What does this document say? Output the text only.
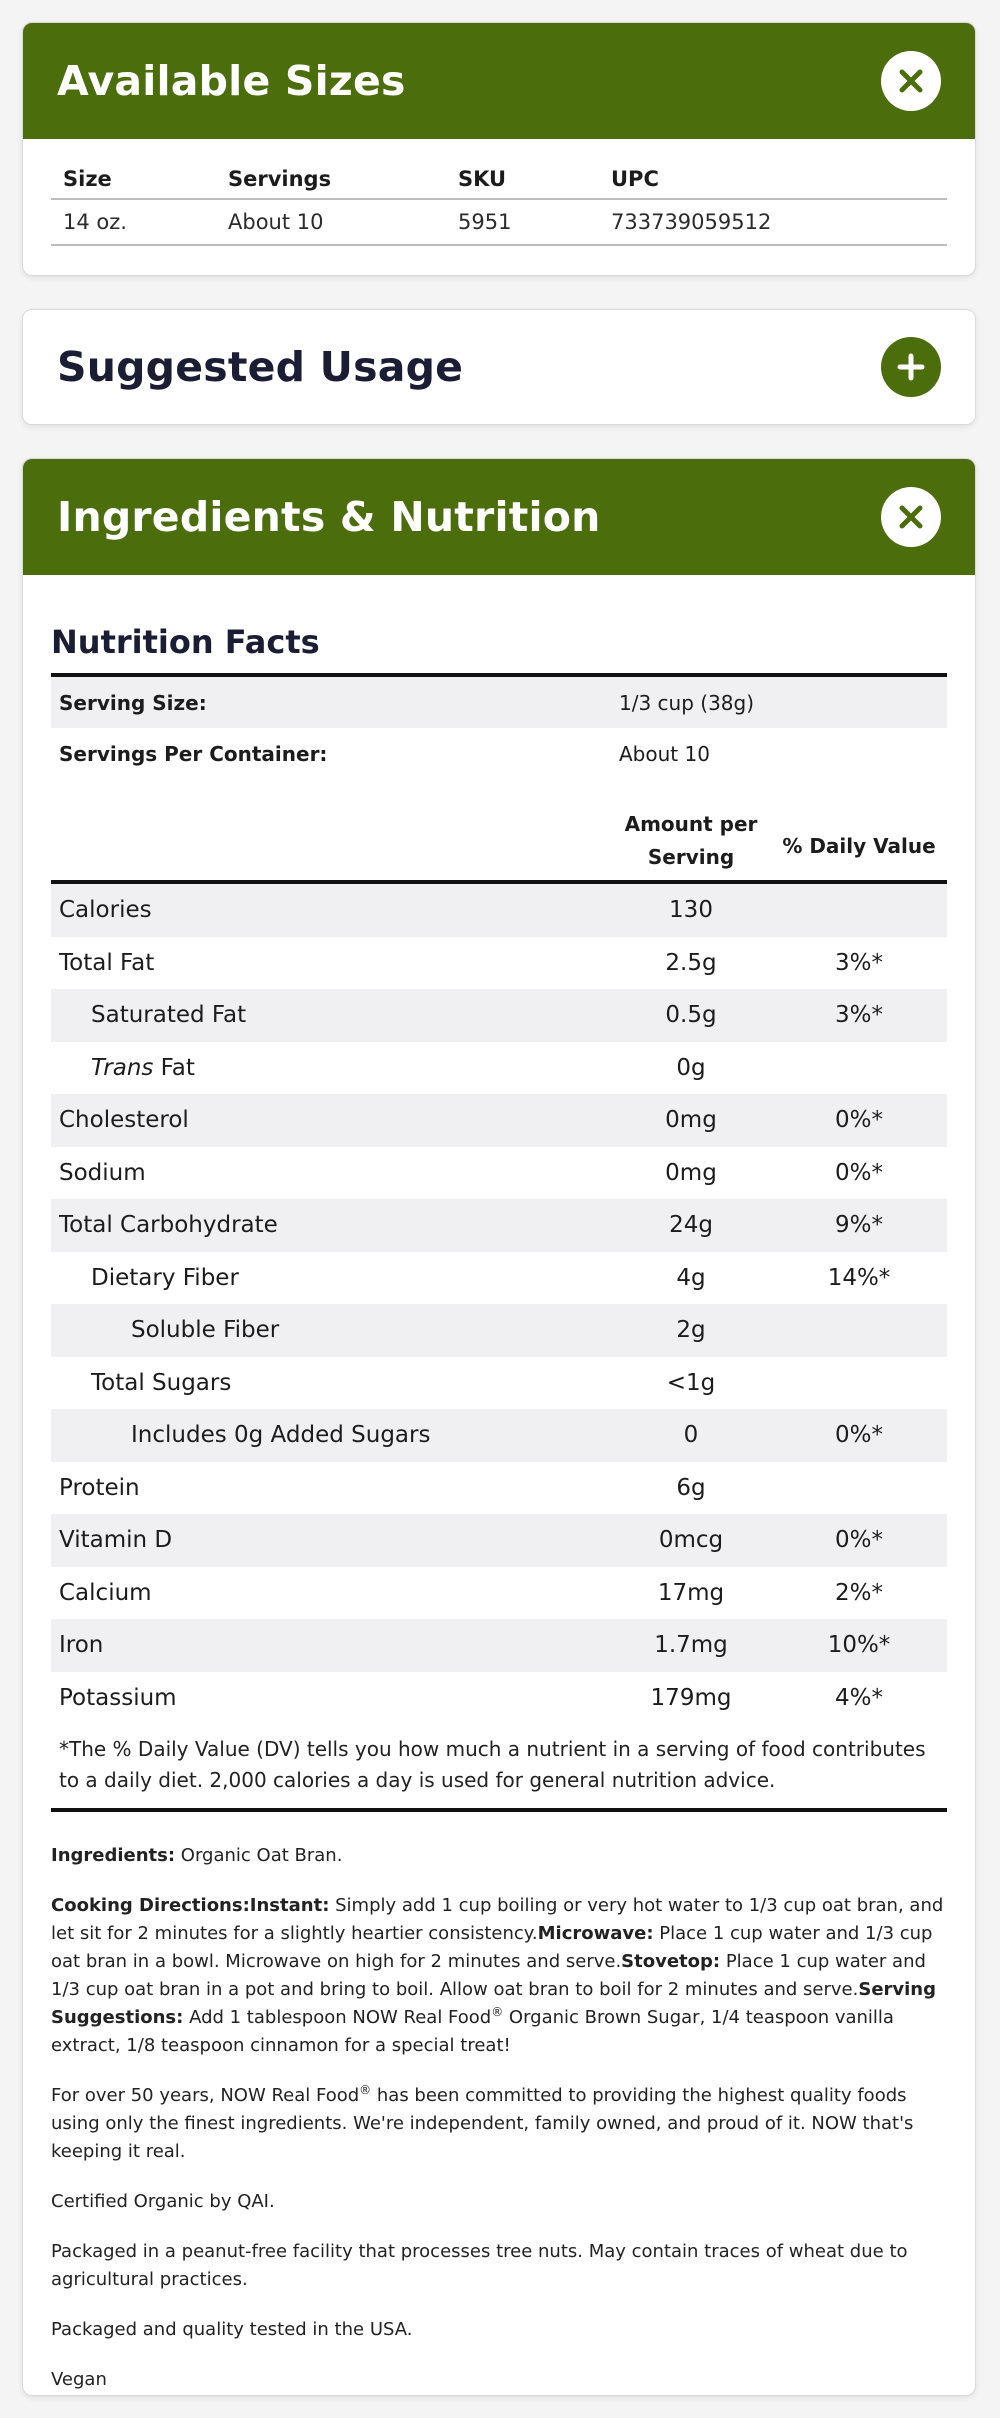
Available Sizes
Size	Servings	SKU	UPC
14 oz.	About 10	5951	733739059512
Suggested Usage
Ingredients & Nutrition
Nutrition Facts
Serving Size:	1/3 cup (38g)
Servings Per Container:	About 10
Amount per Serving	% Daily Value
Calories	130
Total Fat	2.5g	3%*
Saturated Fat	0.5g	3%*
Trans Fat	0g
Cholesterol	0mg	0%*
Sodium	0mg	0%*
Total Carbohydrate	24g	9%*
Dietary Fiber	4g	14%*
Soluble Fiber	2g
Total Sugars	<1g
Includes 0g Added Sugars	0	0%*
Protein	6g
Vitamin D	0mcg	0%*
Calcium	17mg	2%*
Iron	1.7mg	10%*
Potassium	179mg	4%*
*The % Daily Value (DV) tells you how much a nutrient in a serving of food contributes to a daily diet. 2,000 calories a day is used for general nutrition advice.

Ingredients: Organic Oat Bran.

Cooking Directions:Instant: Simply add 1 cup boiling or very hot water to 1/3 cup oat bran, and let sit for 2 minutes for a slightly heartier consistency.Microwave: Place 1 cup water and 1/3 cup oat bran in a bowl. Microwave on high for 2 minutes and serve.Stovetop: Place 1 cup water and 1/3 cup oat bran in a pot and bring to boil. Allow oat bran to boil for 2 minutes and serve.Serving Suggestions: Add 1 tablespoon NOW Real Food® Organic Brown Sugar, 1/4 teaspoon vanilla extract, 1/8 teaspoon cinnamon for a special treat!

For over 50 years, NOW Real Food® has been committed to providing the highest quality foods using only the finest ingredients. We're independent, family owned, and proud of it. NOW that's keeping it real.

Certified Organic by QAI.

Packaged in a peanut-free facility that processes tree nuts. May contain traces of wheat due to agricultural practices.

Packaged and quality tested in the USA.

Vegan
